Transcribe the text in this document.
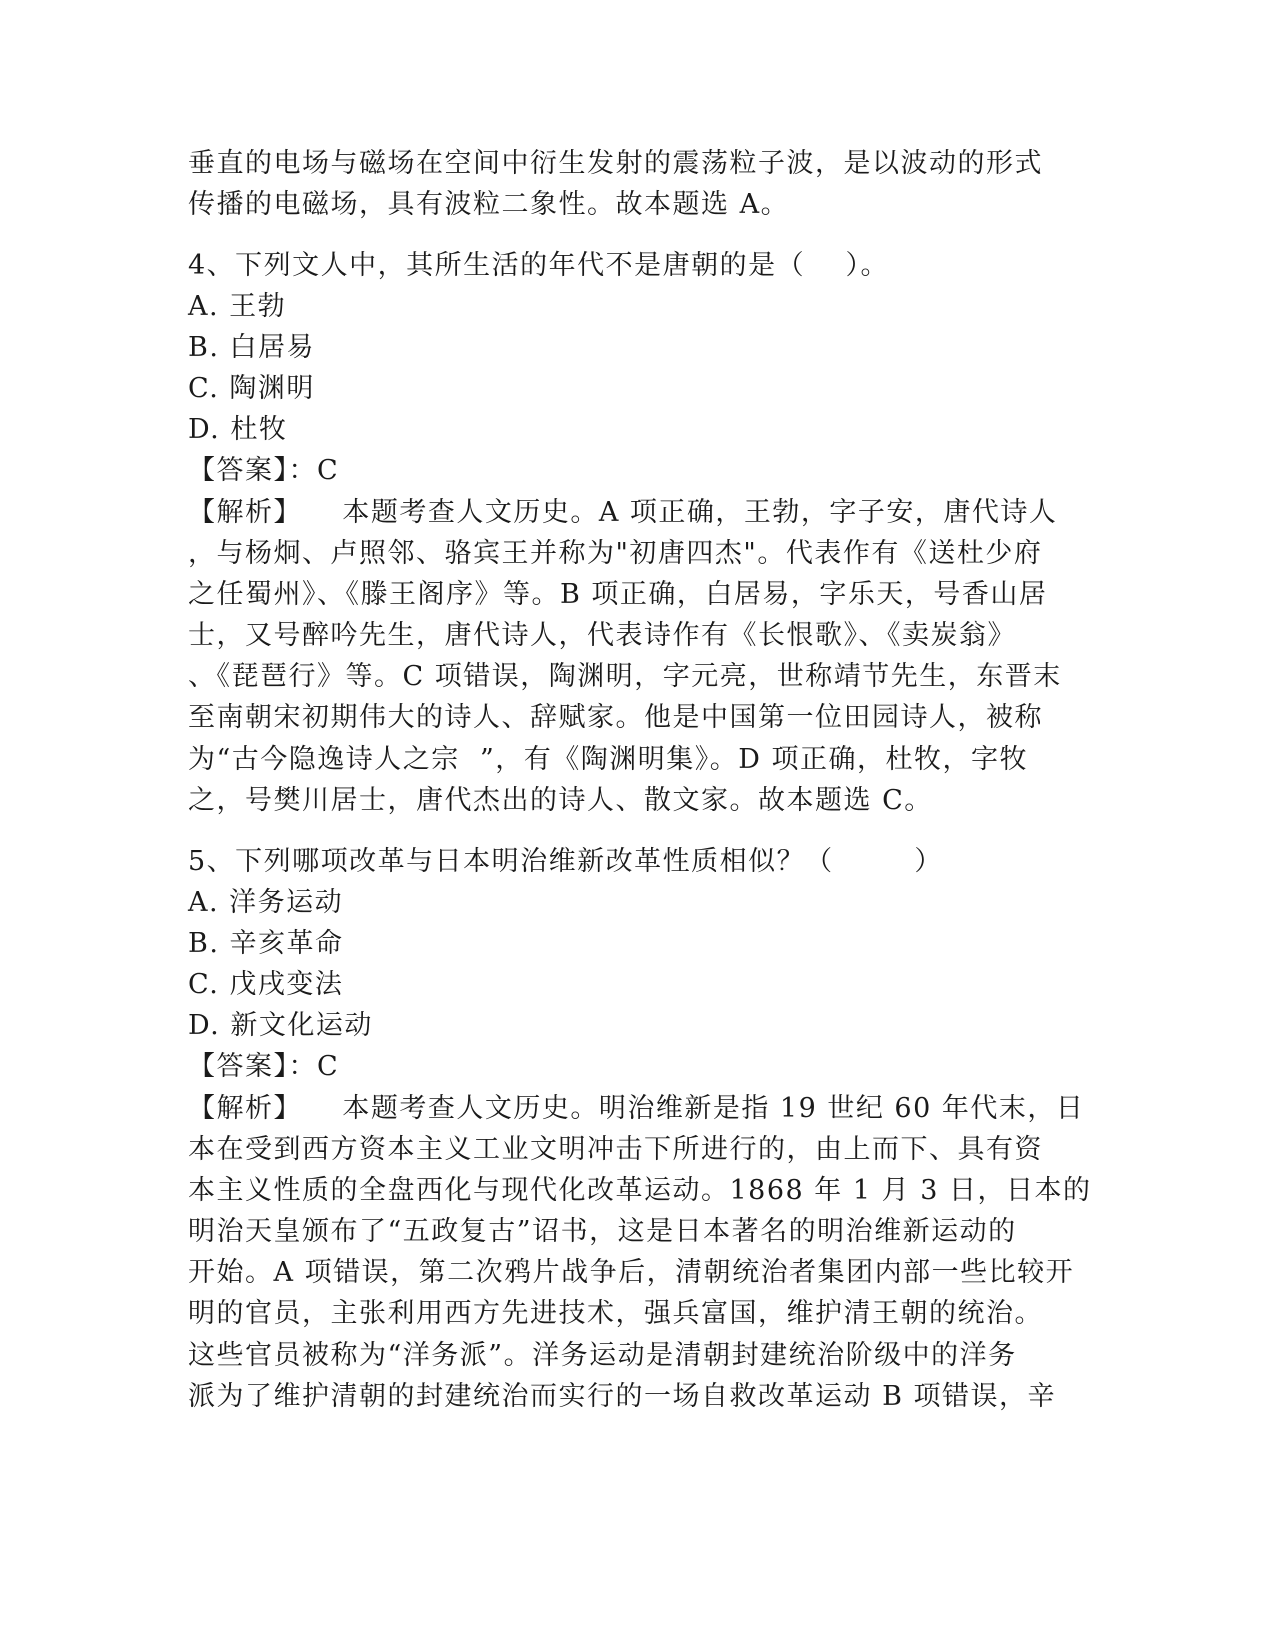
垂直的电场与磁场在空间中衍生发射的震荡粒子波，是以波动的形式
传播的电磁场，具有波粒二象性。故本题选 A。
4、下列文人中，其所生活的年代不是唐朝的是（    ）。
A. 王勃
B. 白居易
C. 陶渊明
D. 杜牧
【答案】：C
【解析】    本题考查人文历史。A 项正确，王勃，字子安，唐代诗人
，与杨炯、卢照邻、骆宾王并称为"初唐四杰"。代表作有《送杜少府
之任蜀州》、《滕王阁序》等。B 项正确，白居易，字乐天，号香山居
士，又号醉吟先生，唐代诗人，代表诗作有《长恨歌》、《卖炭翁》
、《琵琶行》等。C 项错误，陶渊明，字元亮，世称靖节先生，东晋末
至南朝宋初期伟大的诗人、辞赋家。他是中国第一位田园诗人，被称
为“古今隐逸诗人之宗  ”，有《陶渊明集》。D 项正确，杜牧，字牧
之，号樊川居士，唐代杰出的诗人、散文家。故本题选 C。
5、下列哪项改革与日本明治维新改革性质相似？（        ）
A. 洋务运动
B. 辛亥革命
C. 戊戌变法
D. 新文化运动
【答案】：C
【解析】    本题考查人文历史。明治维新是指 19 世纪 60 年代末，日
本在受到西方资本主义工业文明冲击下所进行的，由上而下、具有资
本主义性质的全盘西化与现代化改革运动。1868 年 1 月 3 日，日本的
明治天皇颁布了“五政复古”诏书，这是日本著名的明治维新运动的
开始。A 项错误，第二次鸦片战争后，清朝统治者集团内部一些比较开
明的官员，主张利用西方先进技术，强兵富国，维护清王朝的统治。
这些官员被称为“洋务派”。洋务运动是清朝封建统治阶级中的洋务
派为了维护清朝的封建统治而实行的一场自救改革运动 B 项错误，辛
